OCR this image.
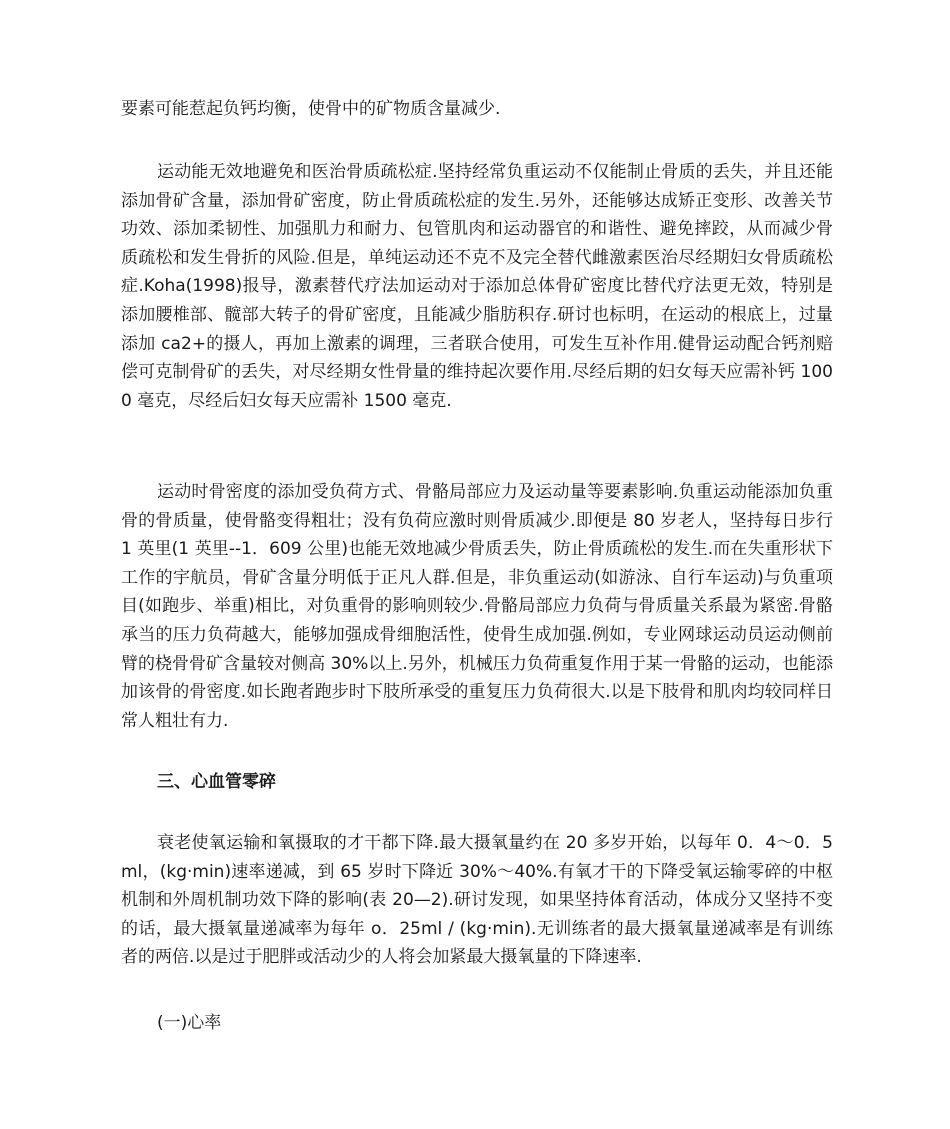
要素可能惹起负钙均衡，使骨中的矿物质含量减少.

运动能无效地避免和医治骨质疏松症.坚持经常负重运动不仅能制止骨质的丢失，并且还能添加骨矿含量，添加骨矿密度，防止骨质疏松症的发生.另外，还能够达成矫正变形、改善关节功效、添加柔韧性、加强肌力和耐力、包管肌肉和运动器官的和谐性、避免摔跤，从而减少骨质疏松和发生骨折的风险.但是，单纯运动还不克不及完全替代雌激素医治尽经期妇女骨质疏松症.Koha(1998)报导，激素替代疗法加运动对于添加总体骨矿密度比替代疗法更无效，特别是添加腰椎部、髋部大转子的骨矿密度，且能减少脂肪积存.研讨也标明，在运动的根底上，过量添加 ca2+的摄人，再加上激素的调理，三者联合使用，可发生互补作用.健骨运动配合钙剂赔偿可克制骨矿的丢失，对尽经期女性骨量的维持起次要作用.尽经后期的妇女每天应需补钙 1000 毫克，尽经后妇女每天应需补 1500 毫克.

运动时骨密度的添加受负荷方式、骨骼局部应力及运动量等要素影响.负重运动能添加负重骨的骨质量，使骨骼变得粗壮；没有负荷应激时则骨质减少.即便是 80 岁老人，坚持每日步行 1 英里(1 英里--1．609 公里)也能无效地减少骨质丢失，防止骨质疏松的发生.而在失重形状下工作的宇航员，骨矿含量分明低于正凡人群.但是，非负重运动(如游泳、自行车运动)与负重项目(如跑步、举重)相比，对负重骨的影响则较少.骨骼局部应力负荷与骨质量关系最为紧密.骨骼承当的压力负荷越大，能够加强成骨细胞活性，使骨生成加强.例如，专业网球运动员运动侧前臂的桡骨骨矿含量较对侧高 30%以上.另外，机械压力负荷重复作用于某一骨骼的运动，也能添加该骨的骨密度.如长跑者跑步时下肢所承受的重复压力负荷很大.以是下肢骨和肌肉均较同样日常人粗壮有力.

三、心血管零碎

衰老使氧运输和氧摄取的才干都下降.最大摄氧量约在 20 多岁开始，以每年 0．4～0．5ml，(kg·min)速率递减，到 65 岁时下降近 30%～40%.有氧才干的下降受氧运输零碎的中枢机制和外周机制功效下降的影响(表 20—2).研讨发现，如果坚持体育活动，体成分又坚持不变的话，最大摄氧量递减率为每年 o．25ml / (kg·min).无训练者的最大摄氧量递减率是有训练者的两倍.以是过于肥胖或活动少的人将会加紧最大摄氧量的下降速率.

(一)心率
